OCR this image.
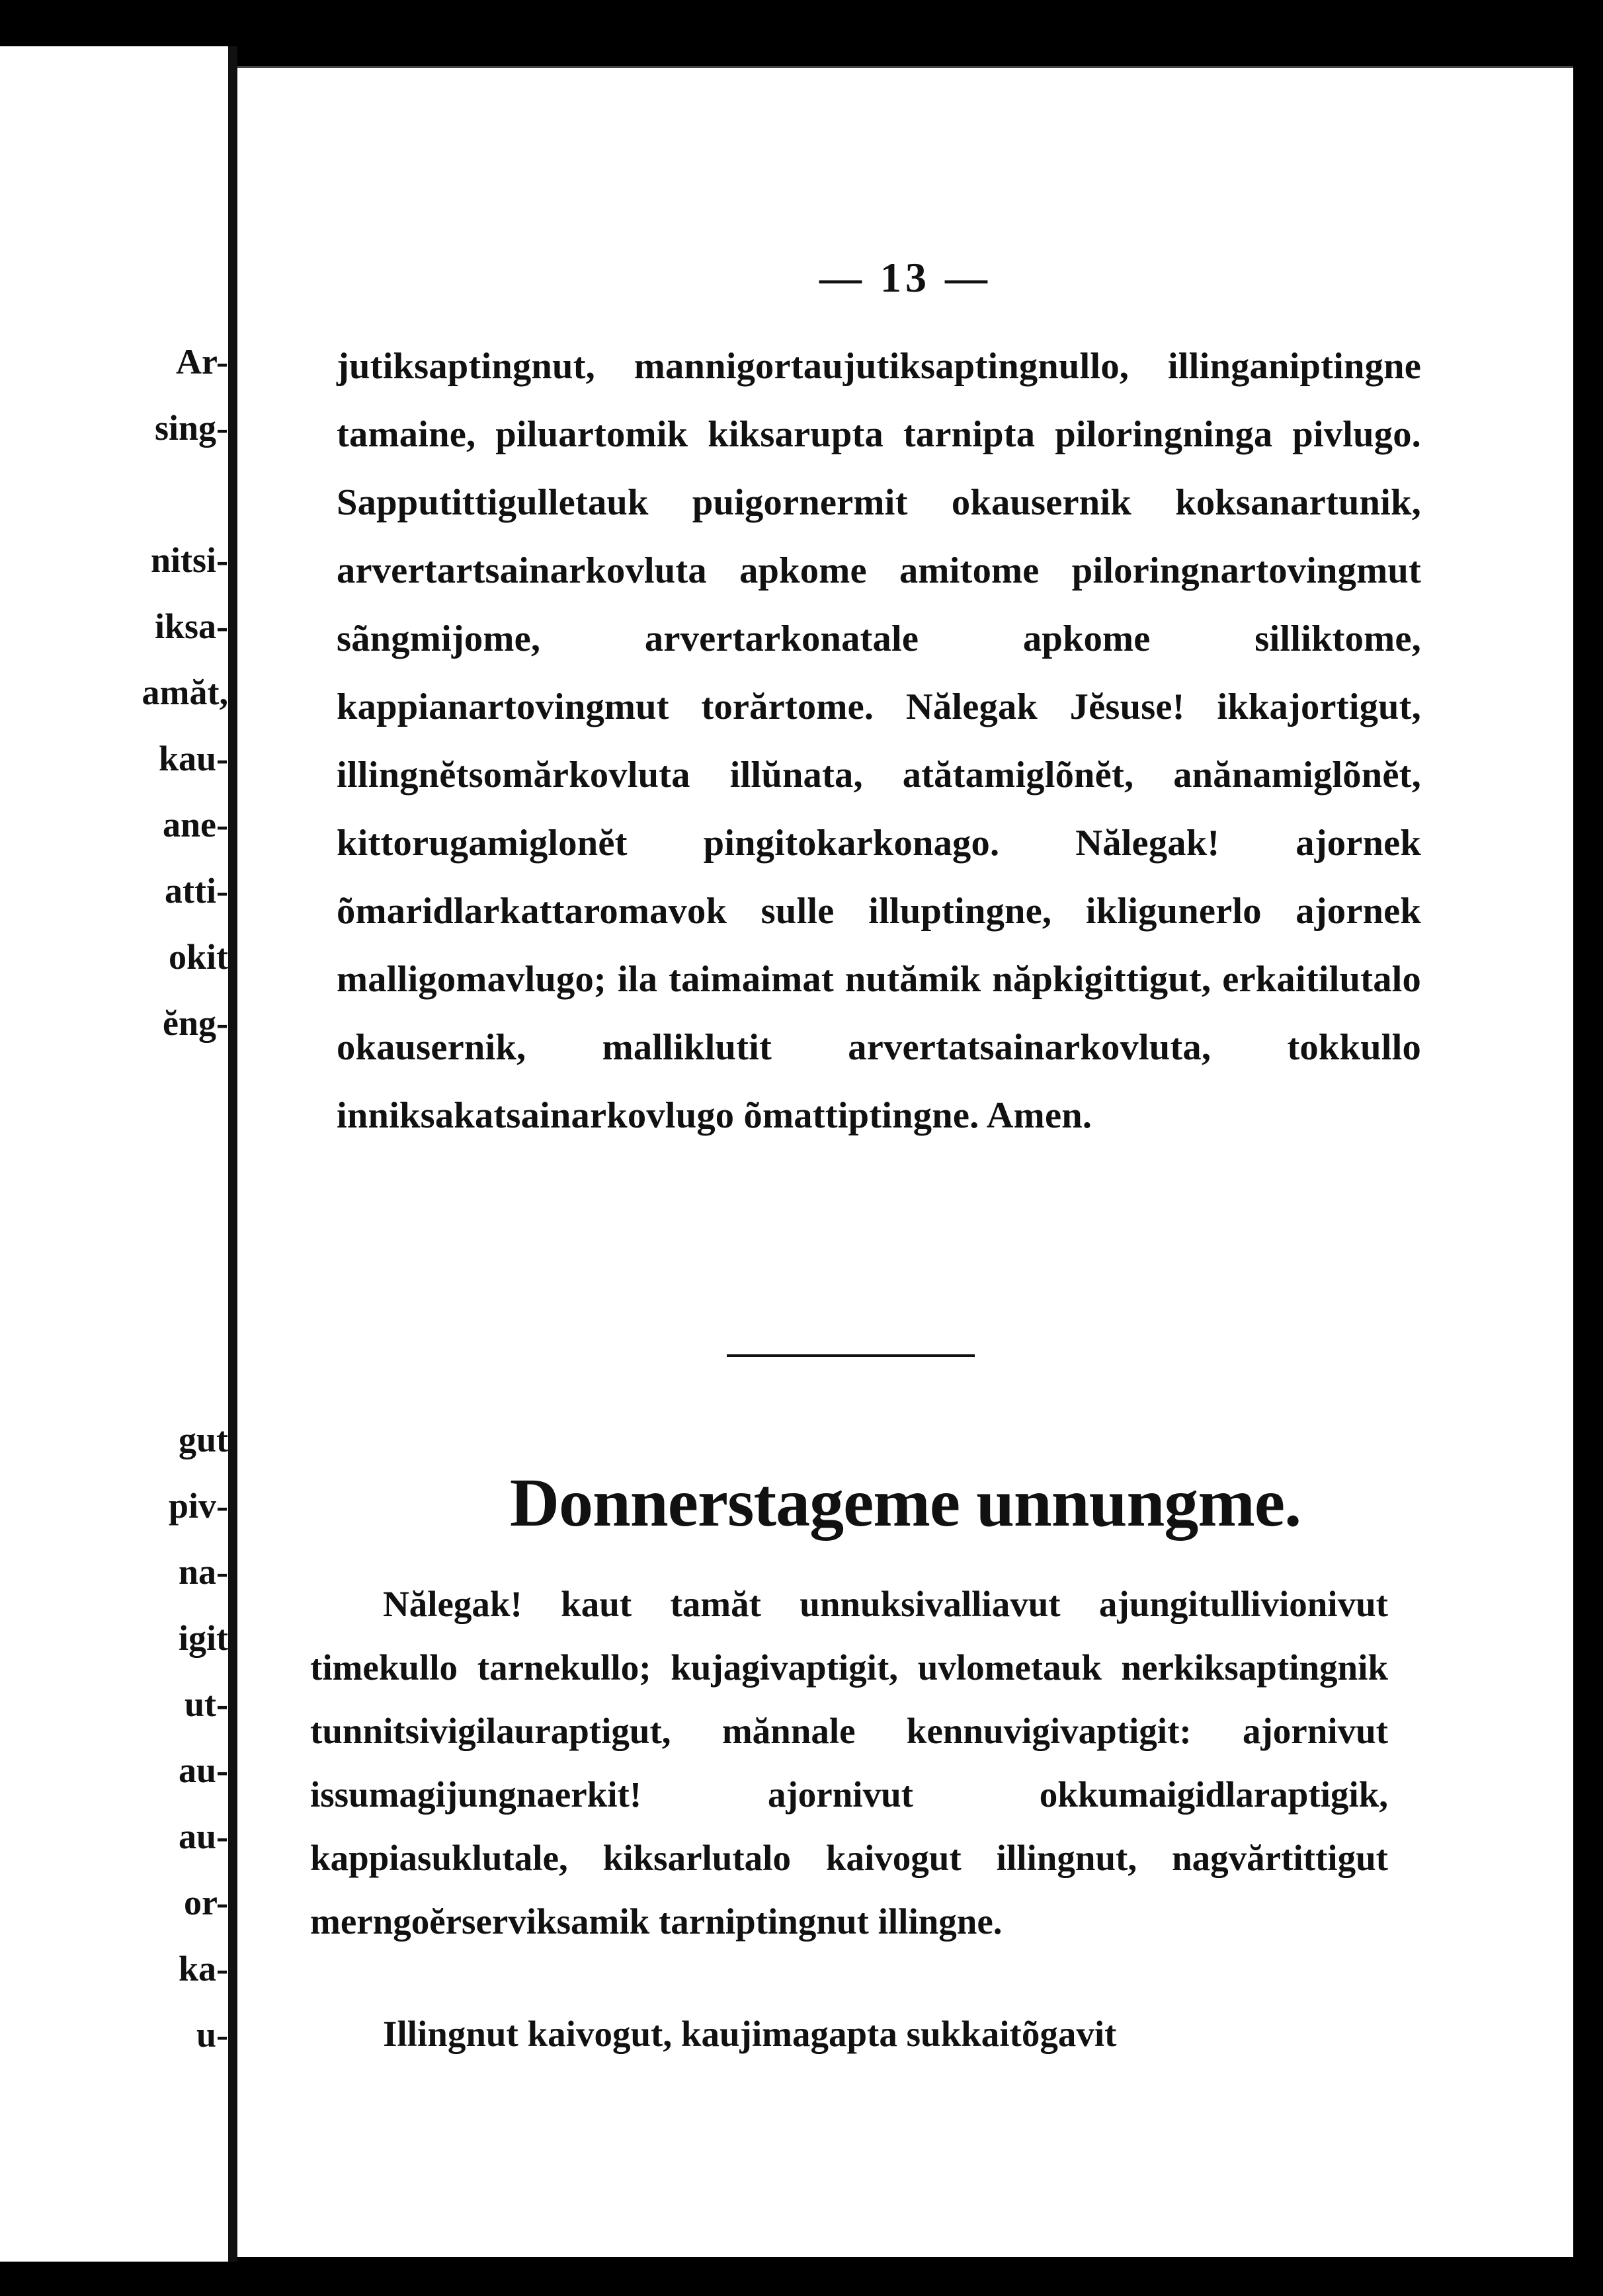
Ar-
sing-
nitsi-
iksa-
amăt,
kau-
ane-
atti-
okit
ĕng-
gut
piv-
na-
igit
ut-
au-
au-
or-
ka-
u-
— 13 —
jutiksaptingnut, mannigortaujutiksaptingnullo, illinganiptingne tamaine, piluartomik kiksarupta tarnipta piloringninga pivlugo. Sapputittigulletauk puigornermit okausernik koksanartunik, arvertartsainarkovluta apkome amitome piloringnartovingmut sãngmijome, arvertarkonatale apkome silliktome, kappianartovingmut torărtome. Nălegak Jĕsuse! ikkajortigut, illingnĕtsomărkovluta illŭnata, atătamiglõnĕt, anănamiglõnĕt, kittorugamiglonĕt pingitokarkonago. Nălegak! ajornek õmaridlarkattaromavok sulle illuptingne, ikligunerlo ajornek malligomavlugo; ila taimaimat nutămik năpkigittigut, erkaitilutalo okausernik, malliklutit arvertatsainarkovluta, tokkullo inniksakatsainarkovlugo õmattiptingne. Amen.
Donnerstageme unnungme.
Nălegak! kaut tamăt unnuksivalliavut ajungitullivionivut timekullo tarnekullo; kujagivaptigit, uvlometauk nerkiksaptingnik tunnitsivigilauraptigut, mănnale kennuvigivaptigit: ajornivut issumagijungnaerkit! ajornivut okkumaigidlaraptigik, kappiasuklutale, kiksarlutalo kaivogut illingnut, nagvărtittigut merngoĕrserviksamik tarniptingnut illingne.
Illingnut kaivogut, kaujimagapta sukkaitõgavit
